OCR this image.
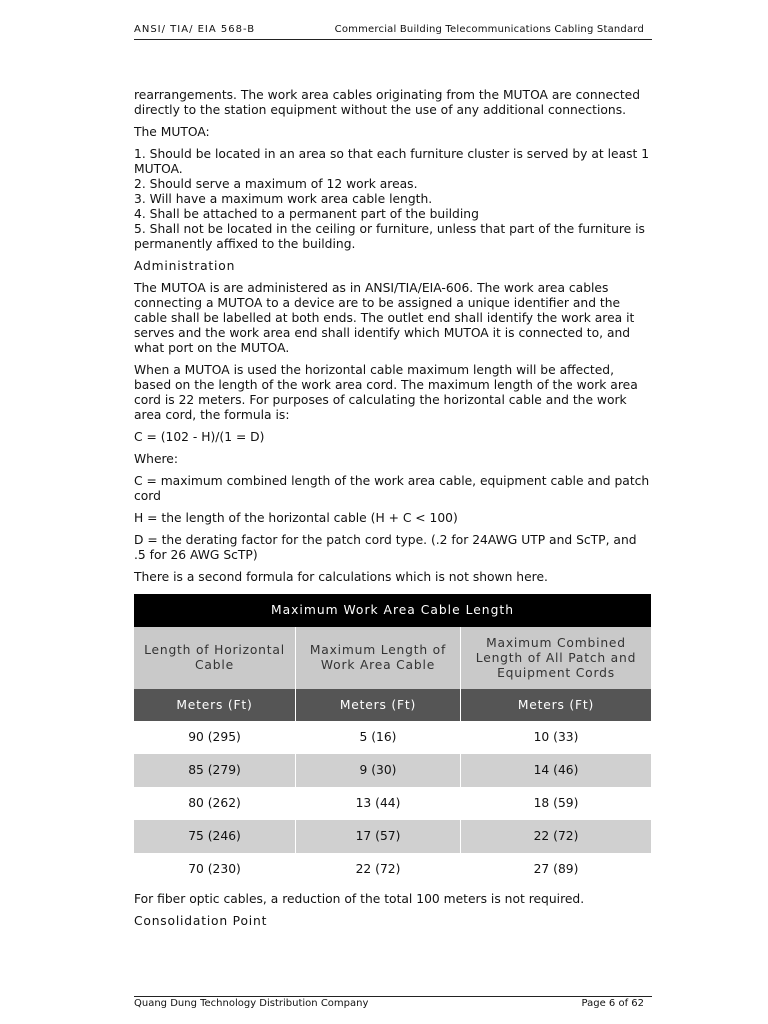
ANSI/ TIA/ EIA 568-B	Commercial Building Telecommunications Cabling Standard

rearrangements. The work area cables originating from the MUTOA are connected directly to the station equipment without the use of any additional connections.

The MUTOA:

1. Should be located in an area so that each furniture cluster is served by at least 1 MUTOA.
2. Should serve a maximum of 12 work areas.
3. Will have a maximum work area cable length.
4. Shall be attached to a permanent part of the building
5. Shall not be located in the ceiling or furniture, unless that part of the furniture is permanently affixed to the building.

Administration

The MUTOA is are administered as in ANSI/TIA/EIA-606. The work area cables connecting a MUTOA to a device are to be assigned a unique identifier and the cable shall be labelled at both ends. The outlet end shall identify the work area it serves and the work area end shall identify which MUTOA it is connected to, and what port on the MUTOA.

When a MUTOA is used the horizontal cable maximum length will be affected, based on the length of the work area cord. The maximum length of the work area cord is 22 meters. For purposes of calculating the horizontal cable and the work area cord, the formula is:

C = (102 - H)/(1 = D)

Where:

C = maximum combined length of the work area cable, equipment cable and patch cord

H = the length of the horizontal cable (H + C < 100)

D = the derating factor for the patch cord type. (.2 for 24AWG UTP and ScTP, and .5 for 26 AWG ScTP)

There is a second formula for calculations which is not shown here.

Maximum Work Area Cable Length		
Length of Horizontal Cable	Maximum Length of Work Area Cable	Maximum Combined Length of All Patch and Equipment Cords
Meters (Ft)	Meters (Ft)	Meters (Ft)
90 (295)	5 (16)	10 (33)
85 (279)	9 (30)	14 (46)
80 (262)	13 (44)	18 (59)
75 (246)	17 (57)	22 (72)
70 (230)	22 (72)	27 (89)

For fiber optic cables, a reduction of the total 100 meters is not required.

Consolidation Point

Quang Dung Technology Distribution Company	Page 6 of 62
